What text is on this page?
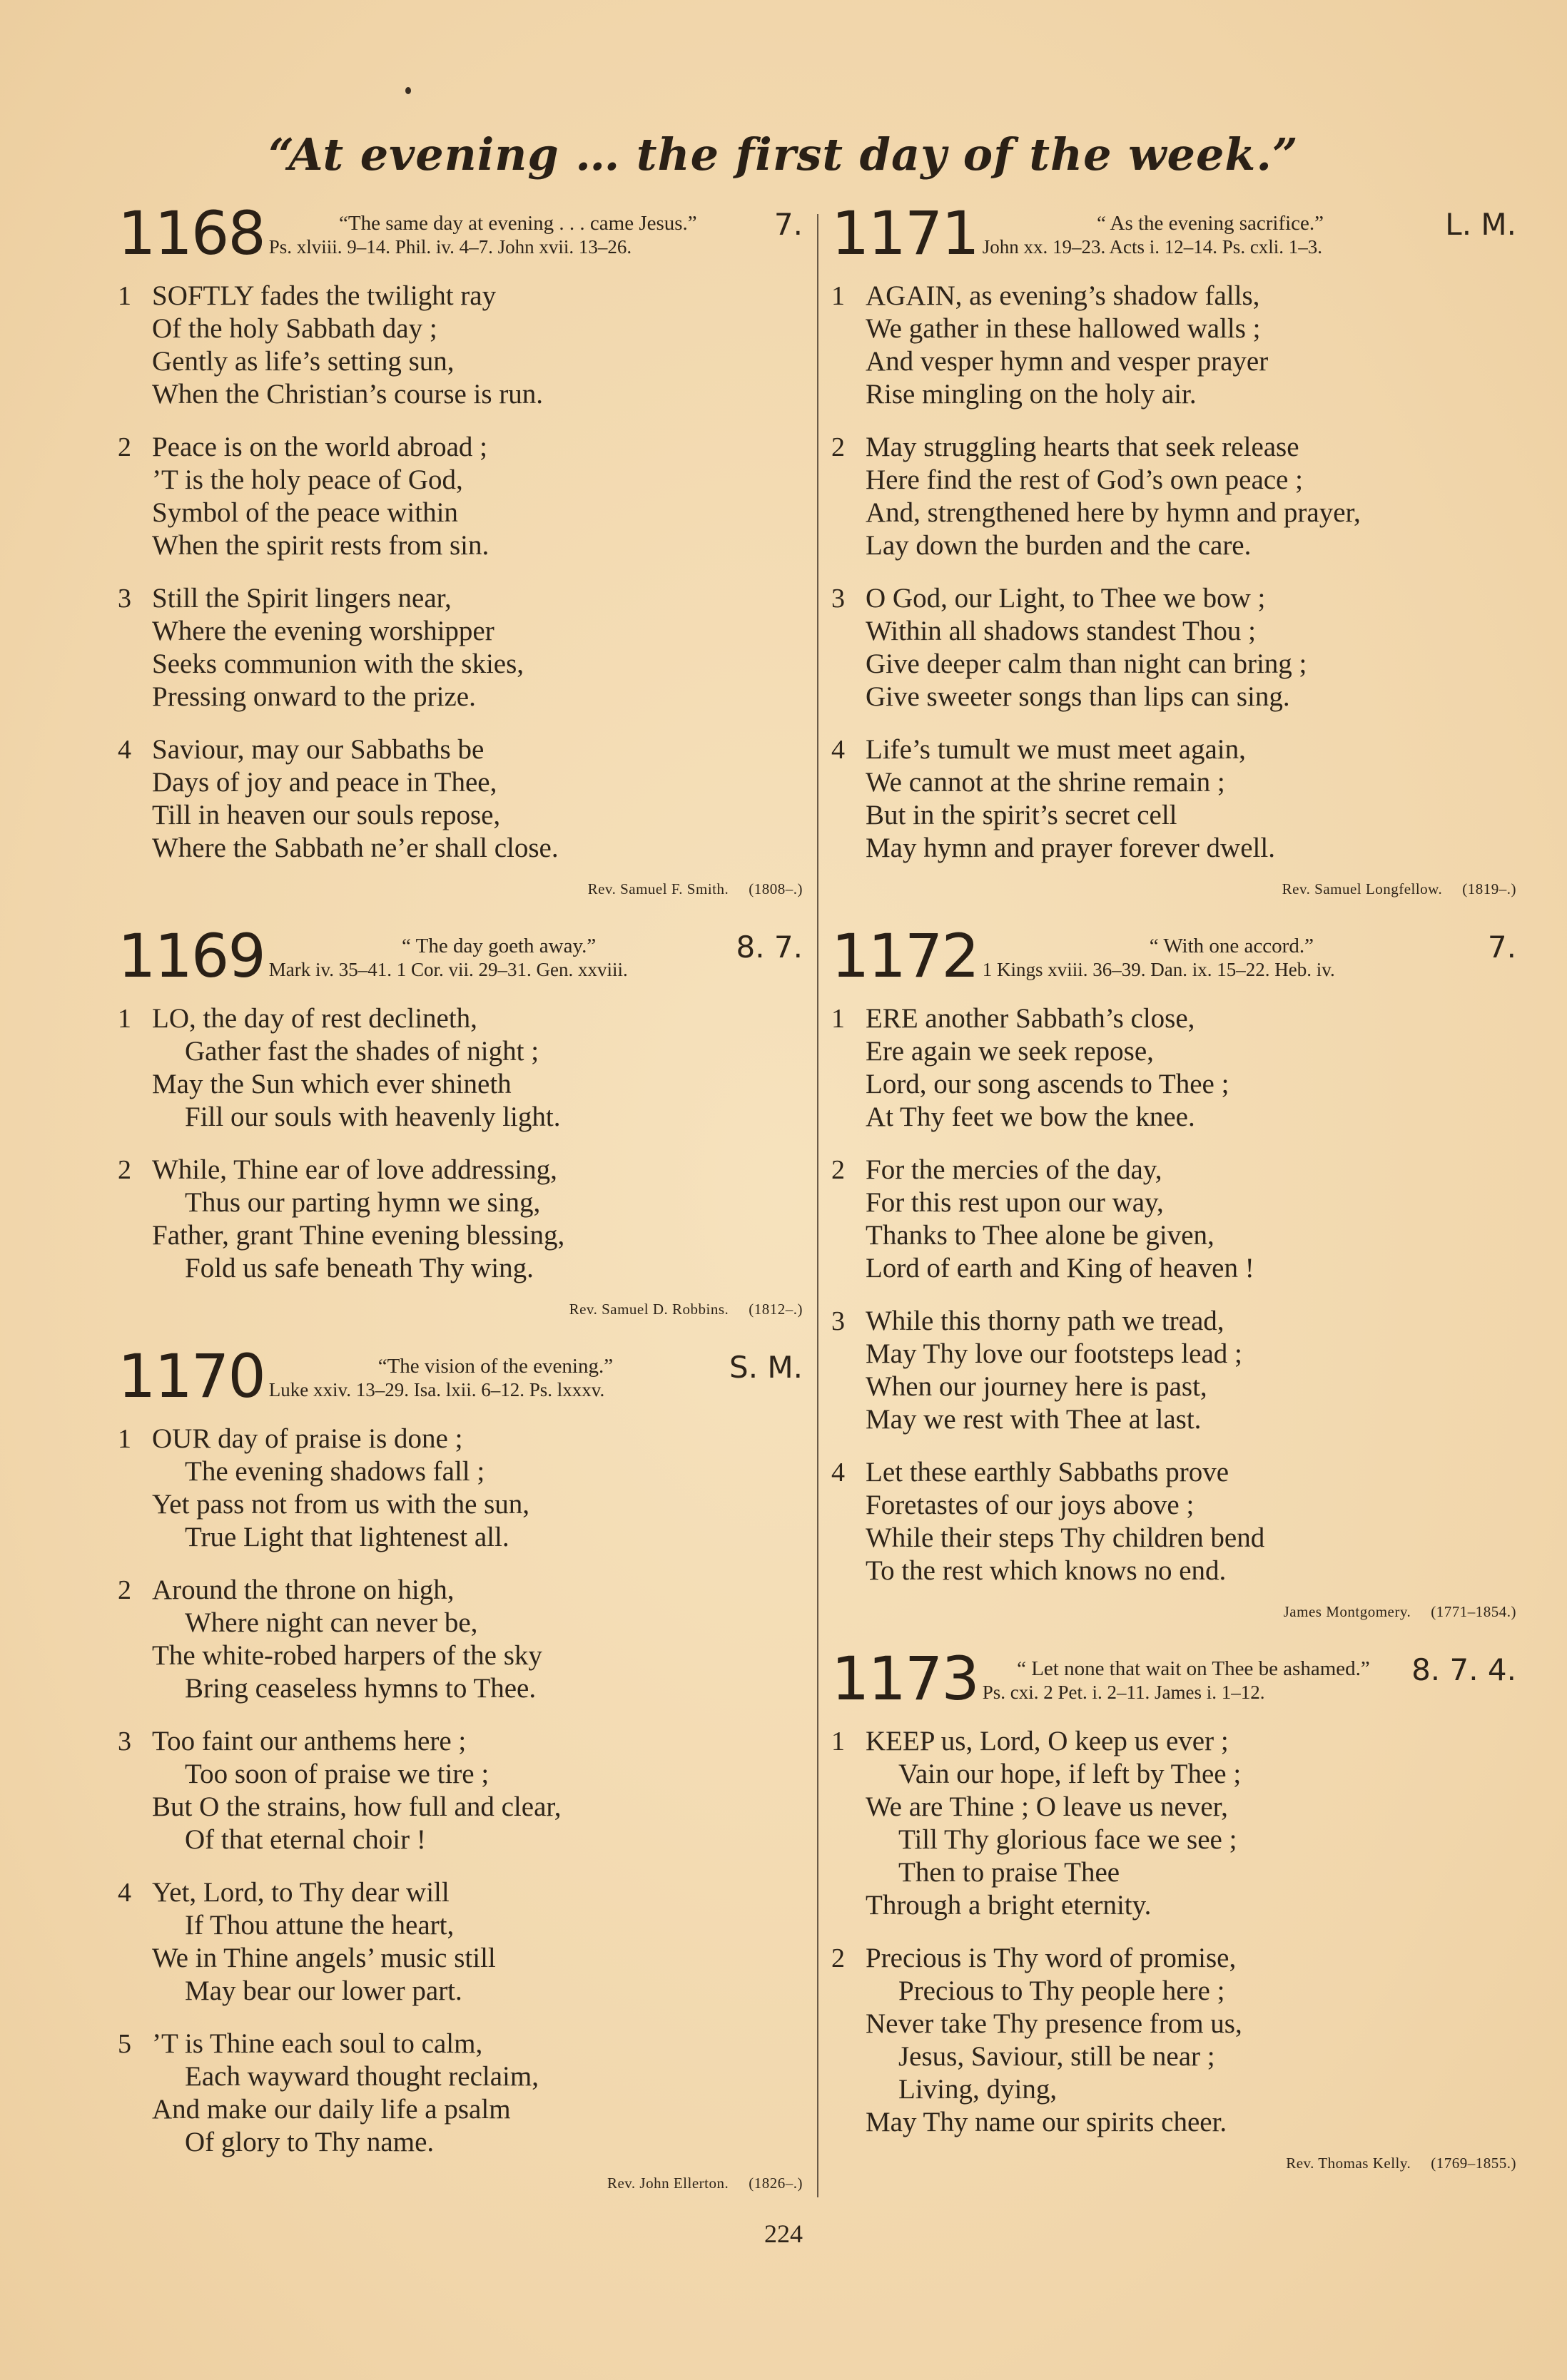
“At evening … the first day of the week.”
1168	“The same day at evening . . . came Jesus.”
Ps. xlviii. 9–14. Phil. iv. 4–7. John xvii. 13–26.
7.
1 SOFTLY fades the twilight ray
Of the holy Sabbath day ;
Gently as life’s setting sun,
When the Christian’s course is run.
2 Peace is on the world abroad ;
’T is the holy peace of God,
Symbol of the peace within
When the spirit rests from sin.
3 Still the Spirit lingers near,
Where the evening worshipper
Seeks communion with the skies,
Pressing onward to the prize.
4 Saviour, may our Sabbaths be
Days of joy and peace in Thee,
Till in heaven our souls repose,
Where the Sabbath ne’er shall close.
Rev. Samuel F. Smith. (1808–.)
1169	“ The day goeth away.”
Mark iv. 35–41. 1 Cor. vii. 29–31. Gen. xxviii.
8. 7.
1 LO, the day of rest declineth,
Gather fast the shades of night ;
May the Sun which ever shineth
Fill our souls with heavenly light.
2 While, Thine ear of love addressing,
Thus our parting hymn we sing,
Father, grant Thine evening blessing,
Fold us safe beneath Thy wing.
Rev. Samuel D. Robbins. (1812–.)
1170	“The vision of the evening.”
Luke xxiv. 13–29. Isa. lxii. 6–12. Ps. lxxxv.
S. M.
1 OUR day of praise is done ;
The evening shadows fall ;
Yet pass not from us with the sun,
True Light that lightenest all.
2 Around the throne on high,
Where night can never be,
The white-robed harpers of the sky
Bring ceaseless hymns to Thee.
3 Too faint our anthems here ;
Too soon of praise we tire ;
But O the strains, how full and clear,
Of that eternal choir !
4 Yet, Lord, to Thy dear will
If Thou attune the heart,
We in Thine angels’ music still
May bear our lower part.
5 ’T is Thine each soul to calm,
Each wayward thought reclaim,
And make our daily life a psalm
Of glory to Thy name.
Rev. John Ellerton. (1826–.)
1171	“ As the evening sacrifice.”
John xx. 19–23. Acts i. 12–14. Ps. cxli. 1–3.
L. M.
1 AGAIN, as evening’s shadow falls,
We gather in these hallowed walls ;
And vesper hymn and vesper prayer
Rise mingling on the holy air.
2 May struggling hearts that seek release
Here find the rest of God’s own peace ;
And, strengthened here by hymn and prayer,
Lay down the burden and the care.
3 O God, our Light, to Thee we bow ;
Within all shadows standest Thou ;
Give deeper calm than night can bring ;
Give sweeter songs than lips can sing.
4 Life’s tumult we must meet again,
We cannot at the shrine remain ;
But in the spirit’s secret cell
May hymn and prayer forever dwell.
Rev. Samuel Longfellow. (1819–.)
1172	“ With one accord.”
1 Kings xviii. 36–39. Dan. ix. 15–22. Heb. iv.
7.
1 ERE another Sabbath’s close,
Ere again we seek repose,
Lord, our song ascends to Thee ;
At Thy feet we bow the knee.
2 For the mercies of the day,
For this rest upon our way,
Thanks to Thee alone be given,
Lord of earth and King of heaven !
3 While this thorny path we tread,
May Thy love our footsteps lead ;
When our journey here is past,
May we rest with Thee at last.
4 Let these earthly Sabbaths prove
Foretastes of our joys above ;
While their steps Thy children bend
To the rest which knows no end.
James Montgomery. (1771–1854.)
1173	“ Let none that wait on Thee be ashamed.”
Ps. cxi. 2 Pet. i. 2–11. James i. 1–12.
8. 7. 4.
1 KEEP us, Lord, O keep us ever ;
Vain our hope, if left by Thee ;
We are Thine ; O leave us never,
Till Thy glorious face we see ;
Then to praise Thee
Through a bright eternity.
2 Precious is Thy word of promise,
Precious to Thy people here ;
Never take Thy presence from us,
Jesus, Saviour, still be near ;
Living, dying,
May Thy name our spirits cheer.
Rev. Thomas Kelly. (1769–1855.)
224
